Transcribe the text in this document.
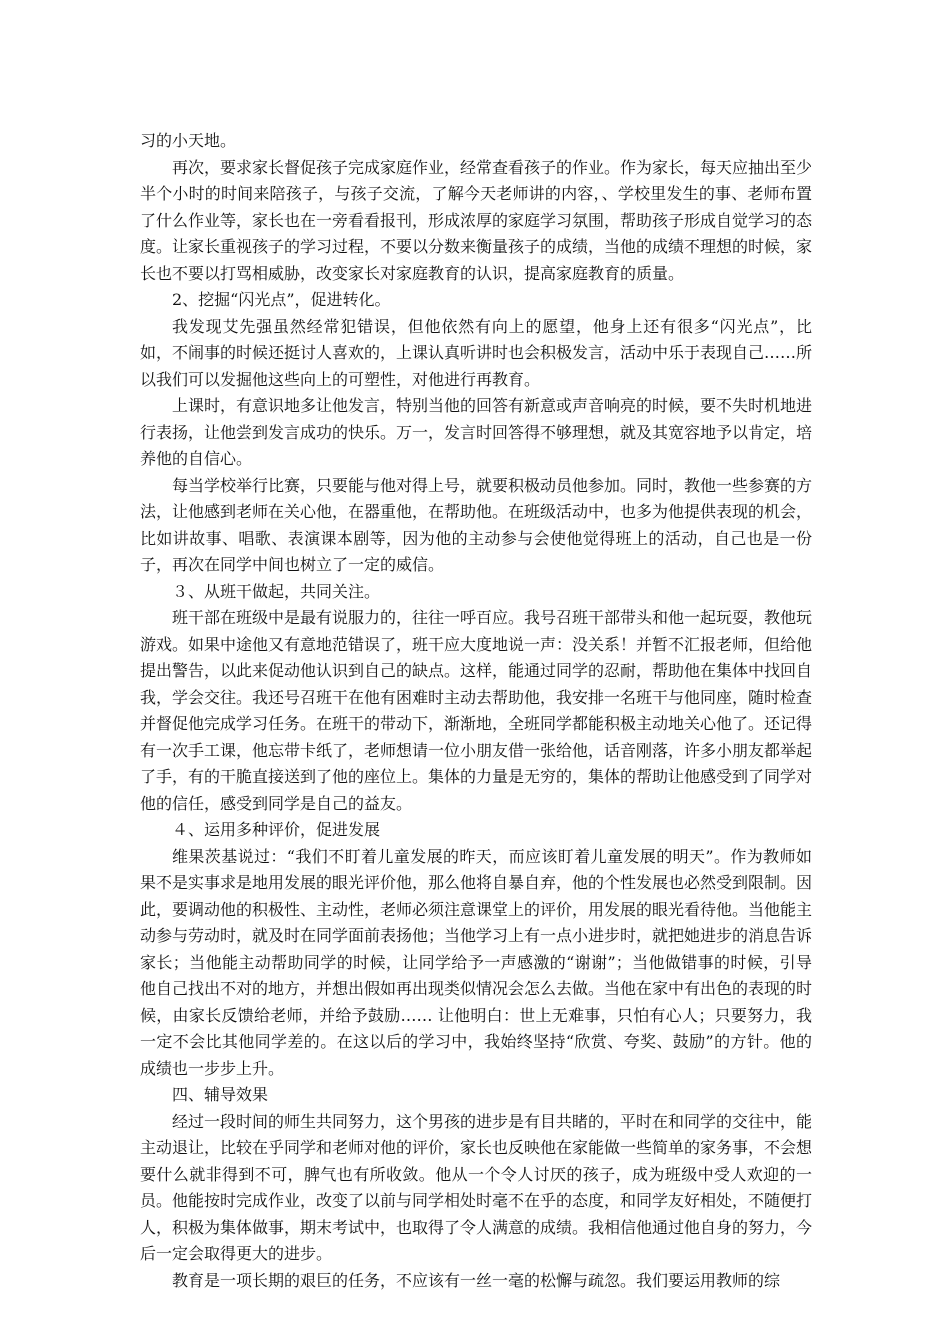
习的小天地。

再次，要求家长督促孩子完成家庭作业，经常查看孩子的作业。作为家长，每天应抽出至少半个小时的时间来陪孩子，与孩子交流，了解今天老师讲的内容，、学校里发生的事、老师布置了什么作业等，家长也在一旁看看报刊，形成浓厚的家庭学习氛围，帮助孩子形成自觉学习的态度。让家长重视孩子的学习过程，不要以分数来衡量孩子的成绩，当他的成绩不理想的时候，家长也不要以打骂相威胁，改变家长对家庭教育的认识，提高家庭教育的质量。

2、挖掘“闪光点”，促进转化。

我发现艾先强虽然经常犯错误，但他依然有向上的愿望，他身上还有很多“闪光点”，比如，不闹事的时候还挺讨人喜欢的，上课认真听讲时也会积极发言，活动中乐于表现自己……所以我们可以发掘他这些向上的可塑性，对他进行再教育。

上课时，有意识地多让他发言，特别当他的回答有新意或声音响亮的时候，要不失时机地进行表扬，让他尝到发言成功的快乐。万一，发言时回答得不够理想，就及其宽容地予以肯定，培养他的自信心。

每当学校举行比赛，只要能与他对得上号，就要积极动员他参加。同时，教他一些参赛的方法，让他感到老师在关心他，在器重他，在帮助他。在班级活动中，也多为他提供表现的机会，比如讲故事、唱歌、表演课本剧等，因为他的主动参与会使他觉得班上的活动，自己也是一份子，再次在同学中间也树立了一定的威信。

３、从班干做起，共同关注。

班干部在班级中是最有说服力的，往往一呼百应。我号召班干部带头和他一起玩耍，教他玩游戏。如果中途他又有意地范错误了，班干应大度地说一声：没关系！并暂不汇报老师，但给他提出警告，以此来促动他认识到自己的缺点。这样，能通过同学的忍耐，帮助他在集体中找回自我，学会交往。我还号召班干在他有困难时主动去帮助他，我安排一名班干与他同座，随时检查并督促他完成学习任务。在班干的带动下，渐渐地，全班同学都能积极主动地关心他了。还记得有一次手工课，他忘带卡纸了，老师想请一位小朋友借一张给他，话音刚落，许多小朋友都举起了手，有的干脆直接送到了他的座位上。集体的力量是无穷的，集体的帮助让他感受到了同学对他的信任，感受到同学是自己的益友。

４、运用多种评价，促进发展

维果茨基说过：“我们不盯着儿童发展的昨天，而应该盯着儿童发展的明天”。作为教师如果不是实事求是地用发展的眼光评价他，那么他将自暴自弃，他的个性发展也必然受到限制。因此，要调动他的积极性、主动性，老师必须注意课堂上的评价，用发展的眼光看待他。当他能主动参与劳动时，就及时在同学面前表扬他；当他学习上有一点小进步时，就把她进步的消息告诉家长；当他能主动帮助同学的时候，让同学给予一声感激的“谢谢”；当他做错事的时候，引导他自己找出不对的地方，并想出假如再出现类似情况会怎么去做。当他在家中有出色的表现的时候，由家长反馈给老师，并给予鼓励…… 让他明白：世上无难事，只怕有心人；只要努力，我一定不会比其他同学差的。在这以后的学习中，我始终坚持“欣赏、夸奖、鼓励”的方针。他的成绩也一步步上升。

四、辅导效果

经过一段时间的师生共同努力，这个男孩的进步是有目共睹的，平时在和同学的交往中，能主动退让，比较在乎同学和老师对他的评价，家长也反映他在家能做一些简单的家务事，不会想要什么就非得到不可，脾气也有所收敛。他从一个令人讨厌的孩子，成为班级中受人欢迎的一员。他能按时完成作业，改变了以前与同学相处时毫不在乎的态度，和同学友好相处，不随便打人，积极为集体做事，期末考试中，也取得了令人满意的成绩。我相信他通过他自身的努力，今后一定会取得更大的进步。

教育是一项长期的艰巨的任务，不应该有一丝一毫的松懈与疏忽。我们要运用教师的综
